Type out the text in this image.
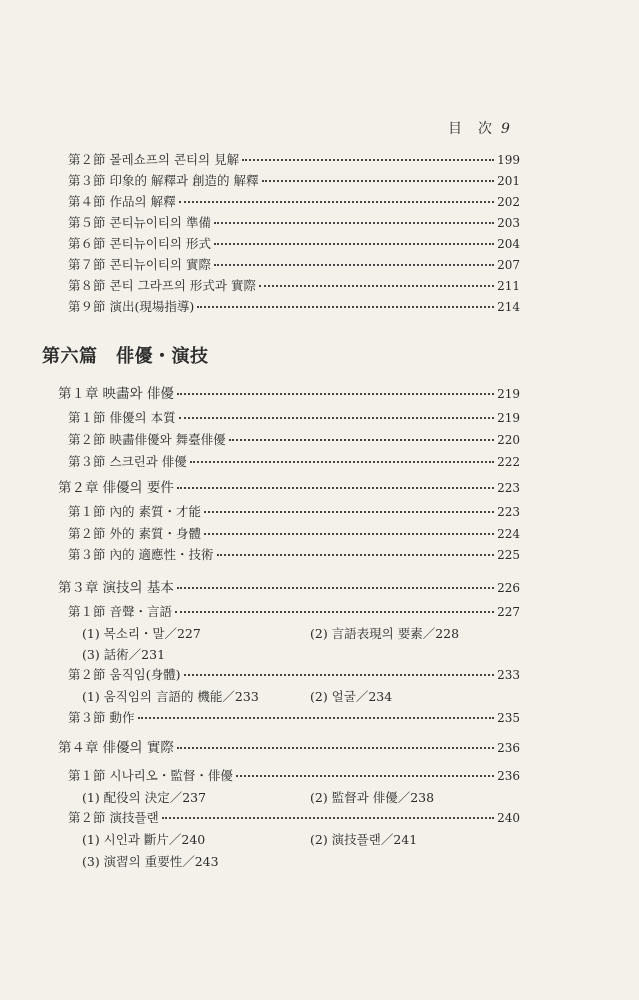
目　次 9
第２節 몰레쇼프의 콘티의 見解	199
第３節 印象的 解釋과 創造的 解釋	201
第４節 作品의 解釋	202
第５節 콘티뉴이티의 準備	203
第６節 콘티뉴이티의 形式	204
第７節 콘티뉴이티의 實際	207
第８節 콘티 그라프의 形式과 實際	211
第９節 演出(現場指導)	214
第六篇　俳優・演技
第１章 映畵와 俳優	219
第１節 俳優의 本質	219
第２節 映畵俳優와 舞臺俳優	220
第３節 스크린과 俳優	222
第２章 俳優의 要件	223
第１節 內的 素質・才能	223
第２節 外的 素質・身體	224
第３節 內的 適應性・技術	225
第３章 演技의 基本	226
第１節 音聲・言語	227
(1) 목소리・말／227	(2) 言語表現의 要素／228
(3) 話術／231
第２節 움직임(身體)	233
(1) 움직임의 言語的 機能／233	(2) 얼굴／234
第３節 動作	235
第４章 俳優의 實際	236
第１節 시나리오・監督・俳優	236
(1) 配役의 決定／237	(2) 監督과 俳優／238
第２節 演技플랜	240
(1) 시인과 斷片／240	(2) 演技플랜／241
(3) 演習의 重要性／243
